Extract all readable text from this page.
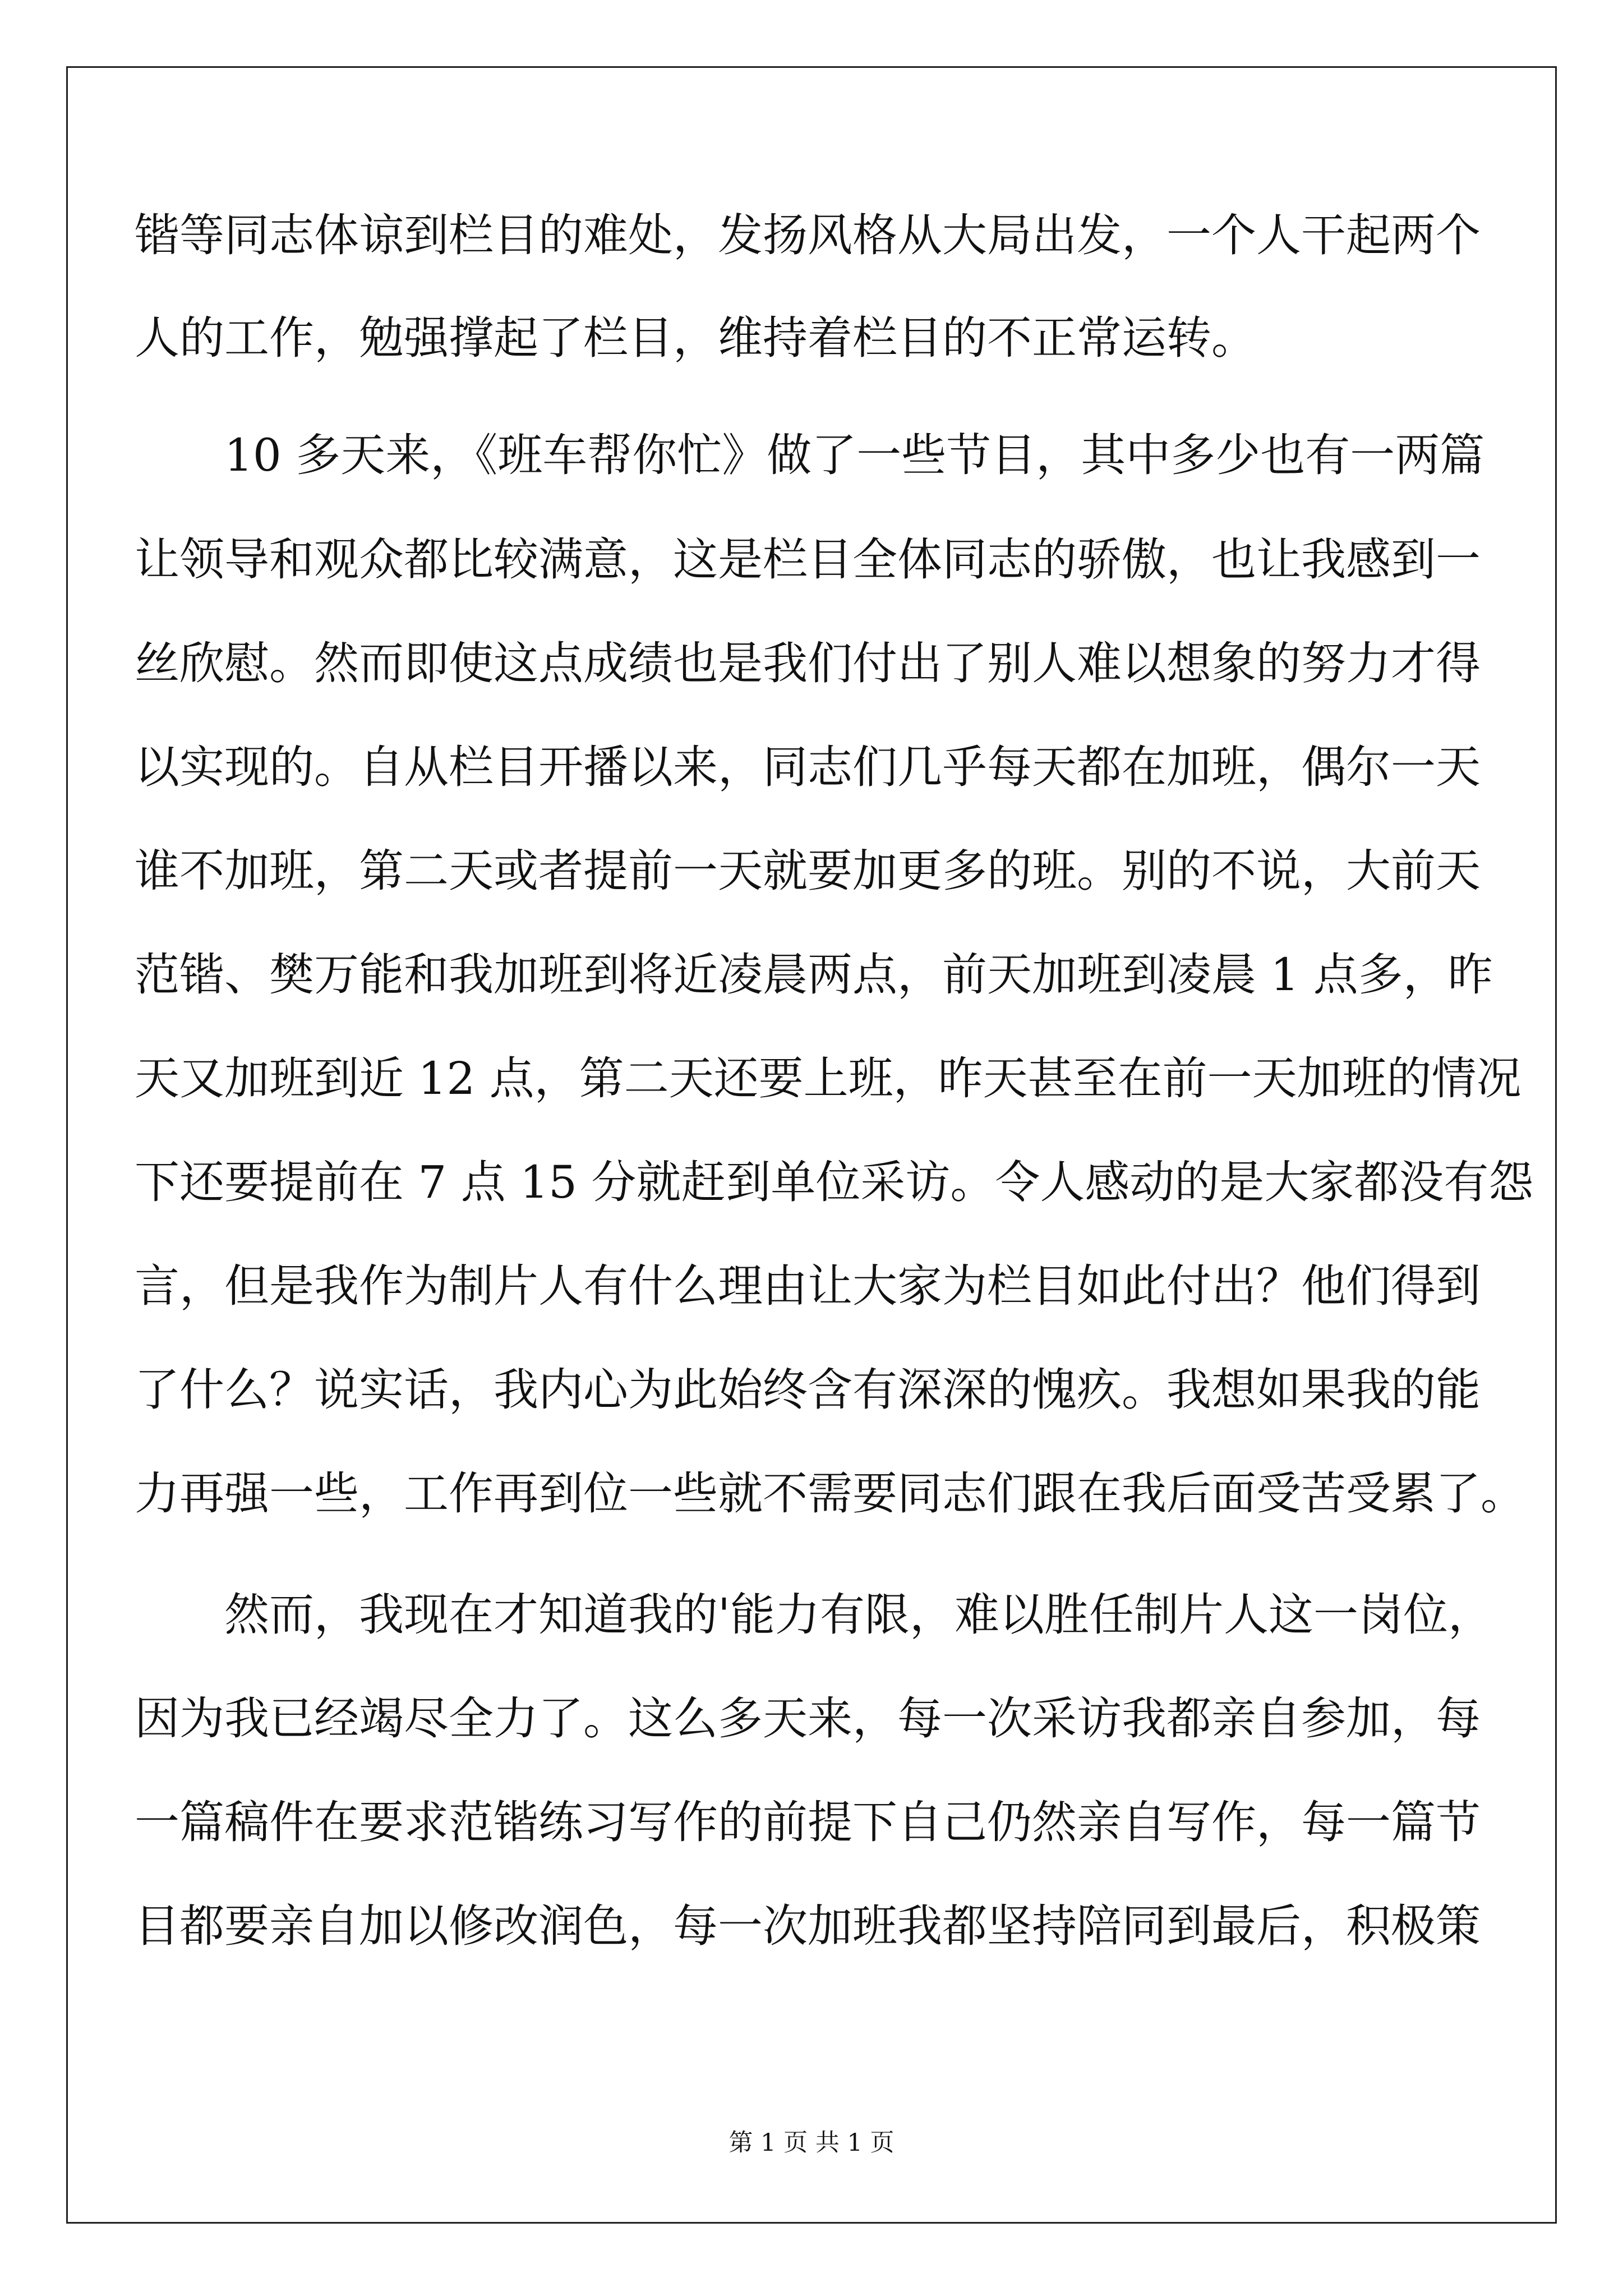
锴等同志体谅到栏目的难处，发扬风格从大局出发，一个人干起两个
人的工作，勉强撑起了栏目，维持着栏目的不正常运转。
10 多天来，《班车帮你忙》做了一些节目，其中多少也有一两篇
让领导和观众都比较满意，这是栏目全体同志的骄傲，也让我感到一
丝欣慰。然而即使这点成绩也是我们付出了别人难以想象的努力才得
以实现的。自从栏目开播以来，同志们几乎每天都在加班，偶尔一天
谁不加班，第二天或者提前一天就要加更多的班。别的不说，大前天
范锴、樊万能和我加班到将近凌晨两点，前天加班到凌晨 1 点多，昨
天又加班到近 12 点，第二天还要上班，昨天甚至在前一天加班的情况
下还要提前在 7 点 15 分就赶到单位采访。令人感动的是大家都没有怨
言，但是我作为制片人有什么理由让大家为栏目如此付出？他们得到
了什么？说实话，我内心为此始终含有深深的愧疚。我想如果我的能
力再强一些，工作再到位一些就不需要同志们跟在我后面受苦受累了。
然而，我现在才知道我的'能力有限，难以胜任制片人这一岗位，
因为我已经竭尽全力了。这么多天来，每一次采访我都亲自参加，每
一篇稿件在要求范锴练习写作的前提下自己仍然亲自写作，每一篇节
目都要亲自加以修改润色，每一次加班我都坚持陪同到最后，积极策
第 1 页 共 1 页
